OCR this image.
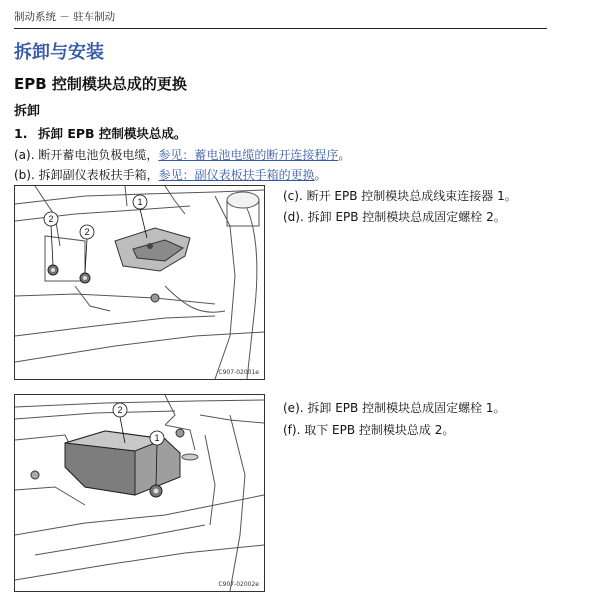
制动系统 － 驻车制动
拆卸与安装
EPB 控制模块总成的更换
拆卸
1. 拆卸 EPB 控制模块总成。
(a). 断开蓄电池负极电缆，参见：蓄电池电缆的断开连接程序。
(b). 拆卸副仪表板扶手箱，参见：副仪表板扶手箱的更换。
1
2
2
C907-02001e
(c). 断开 EPB 控制模块总成线束连接器 1。
(d). 拆卸 EPB 控制模块总成固定螺栓 2。
2
1
C907-02002e
(e). 拆卸 EPB 控制模块总成固定螺栓 1。
(f). 取下 EPB 控制模块总成 2。
